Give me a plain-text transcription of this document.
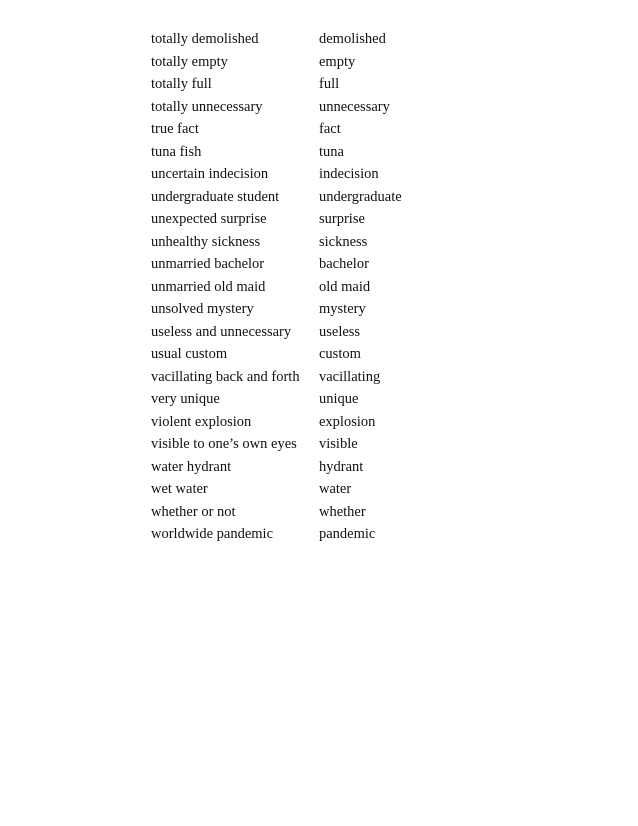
totally demolished	demolished
totally empty	empty
totally full	full
totally unnecessary	unnecessary
true fact	fact
tuna fish	tuna
uncertain indecision	indecision
undergraduate student	undergraduate
unexpected surprise	surprise
unhealthy sickness	sickness
unmarried bachelor	bachelor
unmarried old maid	old maid
unsolved mystery	mystery
useless and unnecessary	useless
usual custom	custom
vacillating back and forth	vacillating
very unique	unique
violent explosion	explosion
visible to one’s own eyes	visible
water hydrant	hydrant
wet water	water
whether or not	whether
worldwide pandemic	pandemic
